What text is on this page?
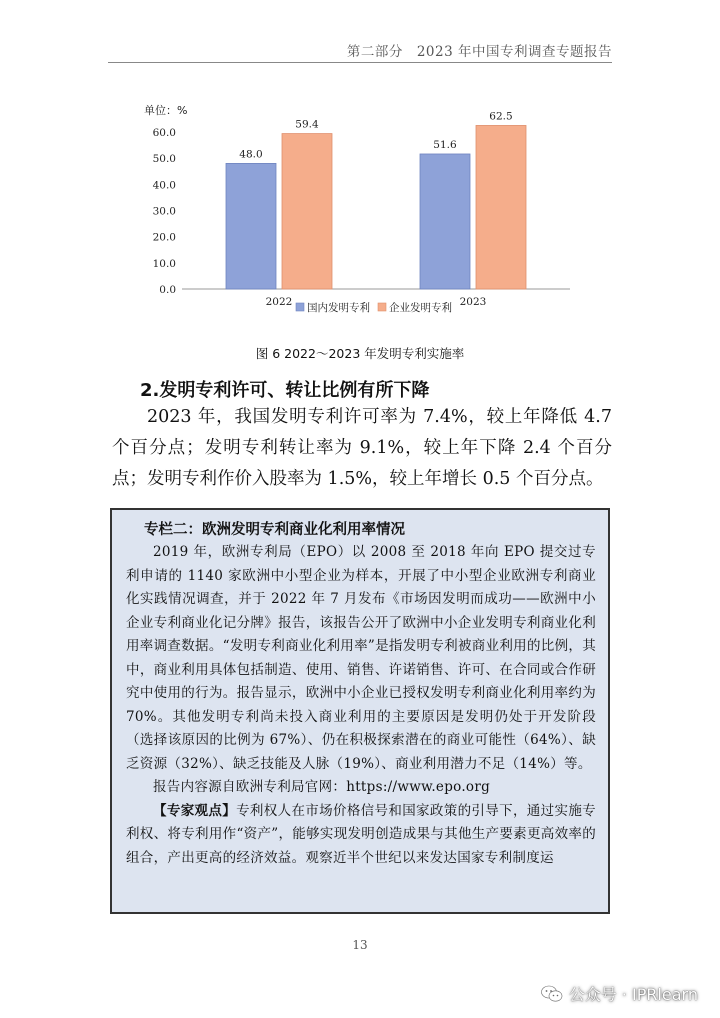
第二部分　2023 年中国专利调查专题报告
单位：%
0.0
10.0
20.0
30.0
40.0
50.0
60.0
48.0
59.4
2022
51.6
62.5
2023
国内发明专利 企业发明专利
图 6 2022～2023 年发明专利实施率
2.发明专利许可、转让比例有所下降

2023 年，我国发明专利许可率为 7.4%，较上年降低 4.7 个百分点；发明专利转让率为 9.1%，较上年下降 2.4 个百分点；发明专利作价入股率为 1.5%，较上年增长 0.5 个百分点。

专栏二：欧洲发明专利商业化利用率情况

2019 年，欧洲专利局（EPO）以 2008 至 2018 年向 EPO 提交过专利申请的 1140 家欧洲中小型企业为样本，开展了中小型企业欧洲专利商业化实践情况调查，并于 2022 年 7 月发布《市场因发明而成功——欧洲中小企业专利商业化记分牌》报告，该报告公开了欧洲中小企业发明专利商业化利用率调查数据。“发明专利商业化利用率”是指发明专利被商业利用的比例，其中，商业利用具体包括制造、使用、销售、许诺销售、许可、在合同或合作研究中使用的行为。报告显示，欧洲中小企业已授权发明专利商业化利用率约为 70%。其他发明专利尚未投入商业利用的主要原因是发明仍处于开发阶段（选择该原因的比例为 67%）、仍在积极探索潜在的商业可能性（64%）、缺乏资源（32%）、缺乏技能及人脉（19%）、商业利用潜力不足（14%）等。

报告内容源自欧洲专利局官网：https://www.epo.org

【专家观点】专利权人在市场价格信号和国家政策的引导下，通过实施专利权、将专利用作“资产”，能够实现发明创造成果与其他生产要素更高效率的组合，产出更高的经济效益。观察近半个世纪以来发达国家专利制度运

13
公众号 · IPRlearn
